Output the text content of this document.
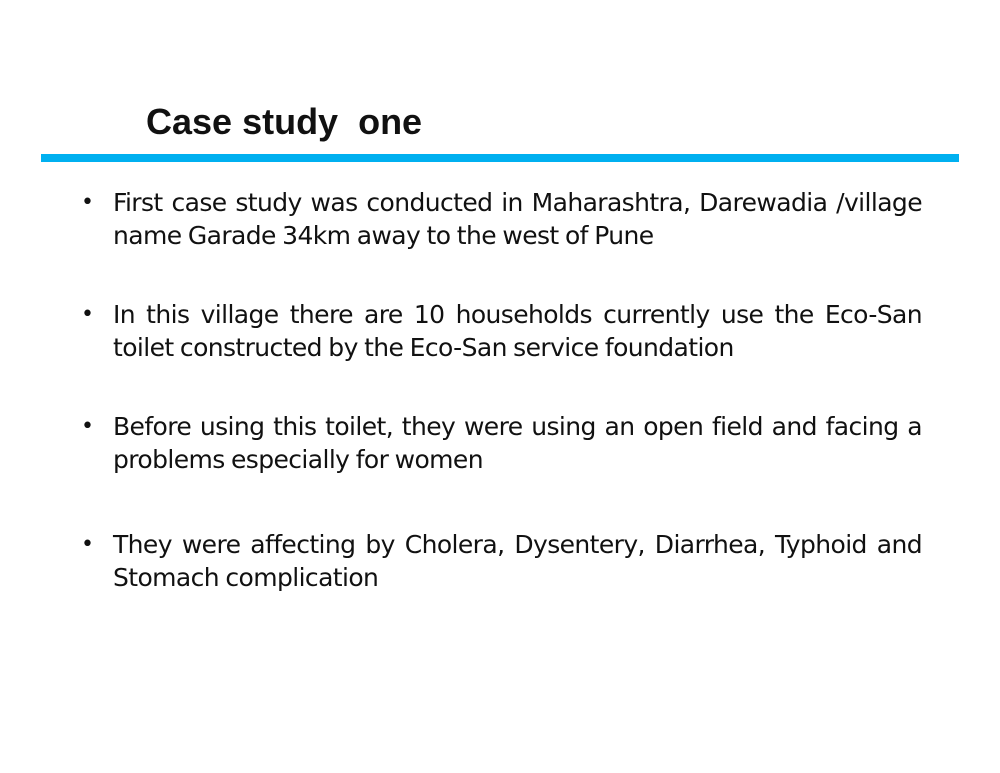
Case study  one
• First case study was conducted in Maharashtra, Darewadia /village name Garade 34km away to the west of Pune
• In this village there are 10 households currently use the Eco-San toilet constructed by the Eco-San service foundation
• Before using this toilet, they were using an open field and facing a problems especially for women
• They were affecting by Cholera, Dysentery, Diarrhea, Typhoid and Stomach complication
